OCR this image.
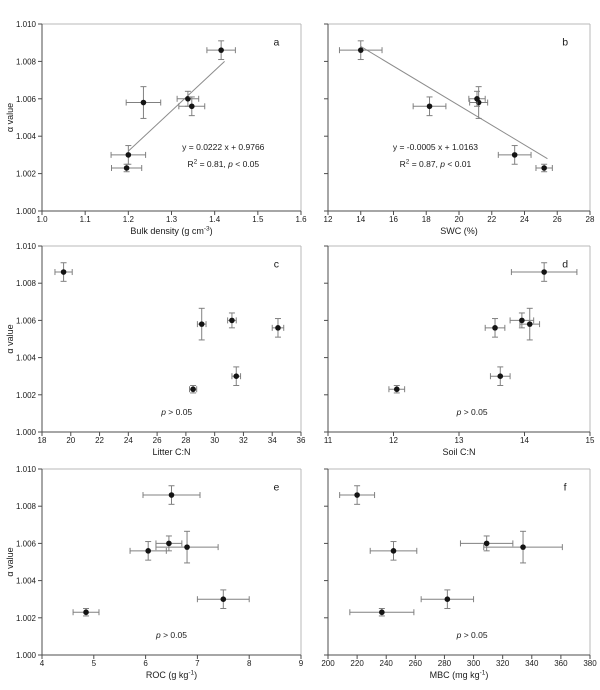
1.000
1.002
1.004
1.006
1.008
1.010
1.0	1.1	1.2	1.3	1.4	1.5	1.6
Bulk density (g $cm^{-3}$)
α value
a
y = 0.0222 x + 0.9766
$R^2 = 0.81$, p < 0.05
12	14	16	18	20	22	24	26	28
SWC (%)
b
y = -0.0005 x + 1.0163
$R^2 = 0.87$, p < 0.01
1.000
1.002
1.004
1.006
1.008
1.010
18 20 22 24 26 28 30 32 34 36
Litter C:N
α value
c
p > 0.05
11	12	13	14	15
Soil C:N
d
p > 0.05
1.000
1.002
1.004
1.006
1.008
1.010
4	5	6	7	8	9
ROC (g $kg^{-1}$)
α value
e
p > 0.05
200 220 240 260 280 300 320 340 360 380
MBC (mg $kg^{-1}$)
f
p > 0.05
